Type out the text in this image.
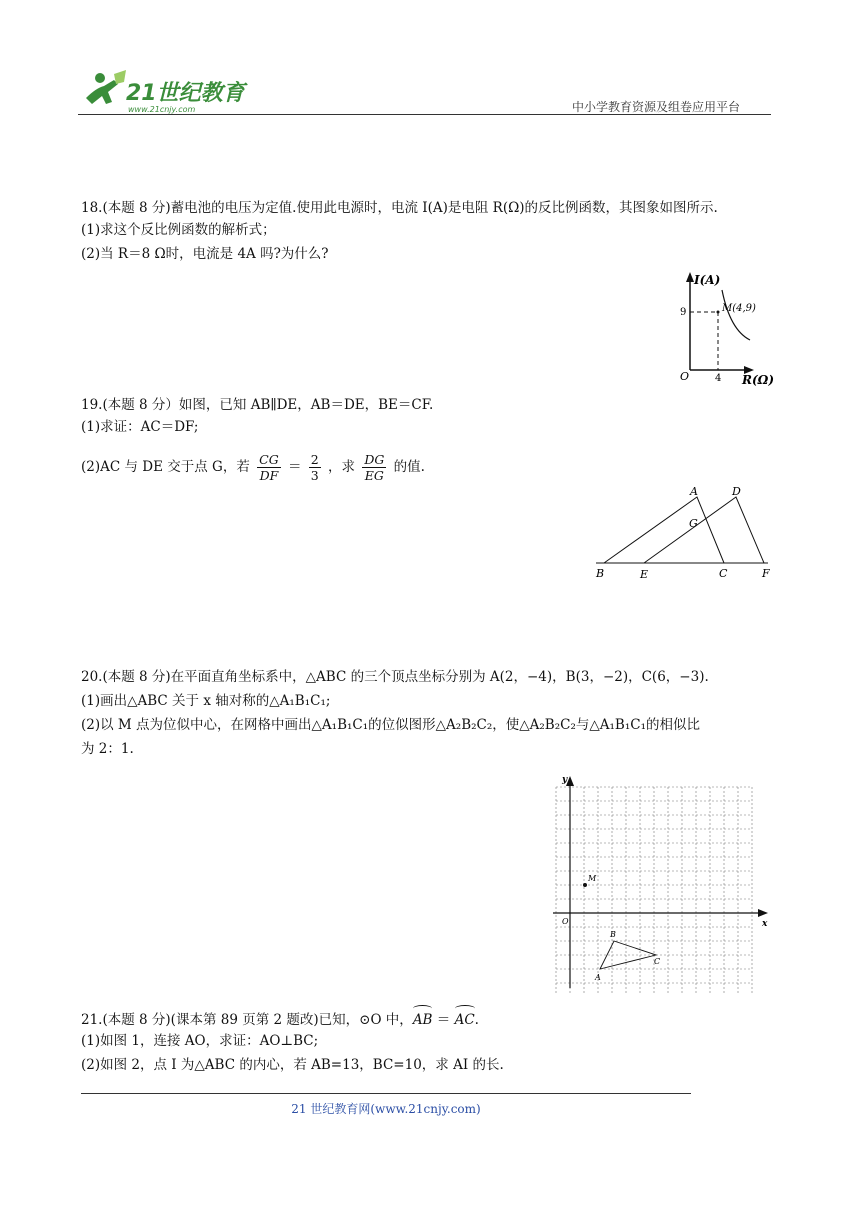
21世纪教育
www.21cnjy.com	中小学教育资源及组卷应用平台
18.(本题 8 分)蓄电池的电压为定值.使用此电源时，电流 I(A)是电阻 R(Ω)的反比例函数，其图象如图所示.
(1)求这个反比例函数的解析式；
(2)当 R＝8 Ω时，电流是 4A 吗?为什么?
I(A)
R(Ω)
O
M(4,9)
4
9
19.(本题 8 分）如图，已知 AB∥DE，AB＝DE，BE＝CF.
(1)求证：AC＝DF;
(2)AC 与 DE 交于点 G，若 $\frac{CG}{DF} = \frac{2}{3}$ ，求 $\frac{DG}{EG}$ 的值.
A	D
G
B	E	C	F
20.(本题 8 分)在平面直角坐标系中，△ABC 的三个顶点坐标分别为 A(2，−4)，B(3，−2)，C(6，−3).
(1)画出△ABC 关于 x 轴对称的△A₁B₁C₁;
(2)以 M 点为位似中心，在网格中画出△A₁B₁C₁的位似图形△A₂B₂C₂，使△A₂B₂C₂与△A₁B₁C₁的相似比
为 2：1.
y
x
O
M
B
C
A
21.(本题 8 分)(课本第 89 页第 2 题改)已知，⊙O 中，AB ＝ AC.
(1)如图 1，连接 AO，求证：AO⊥BC;
(2)如图 2，点 I 为△ABC 的内心，若 AB=13，BC=10，求 AI 的长.
21 世纪教育网(www.21cnjy.com)
